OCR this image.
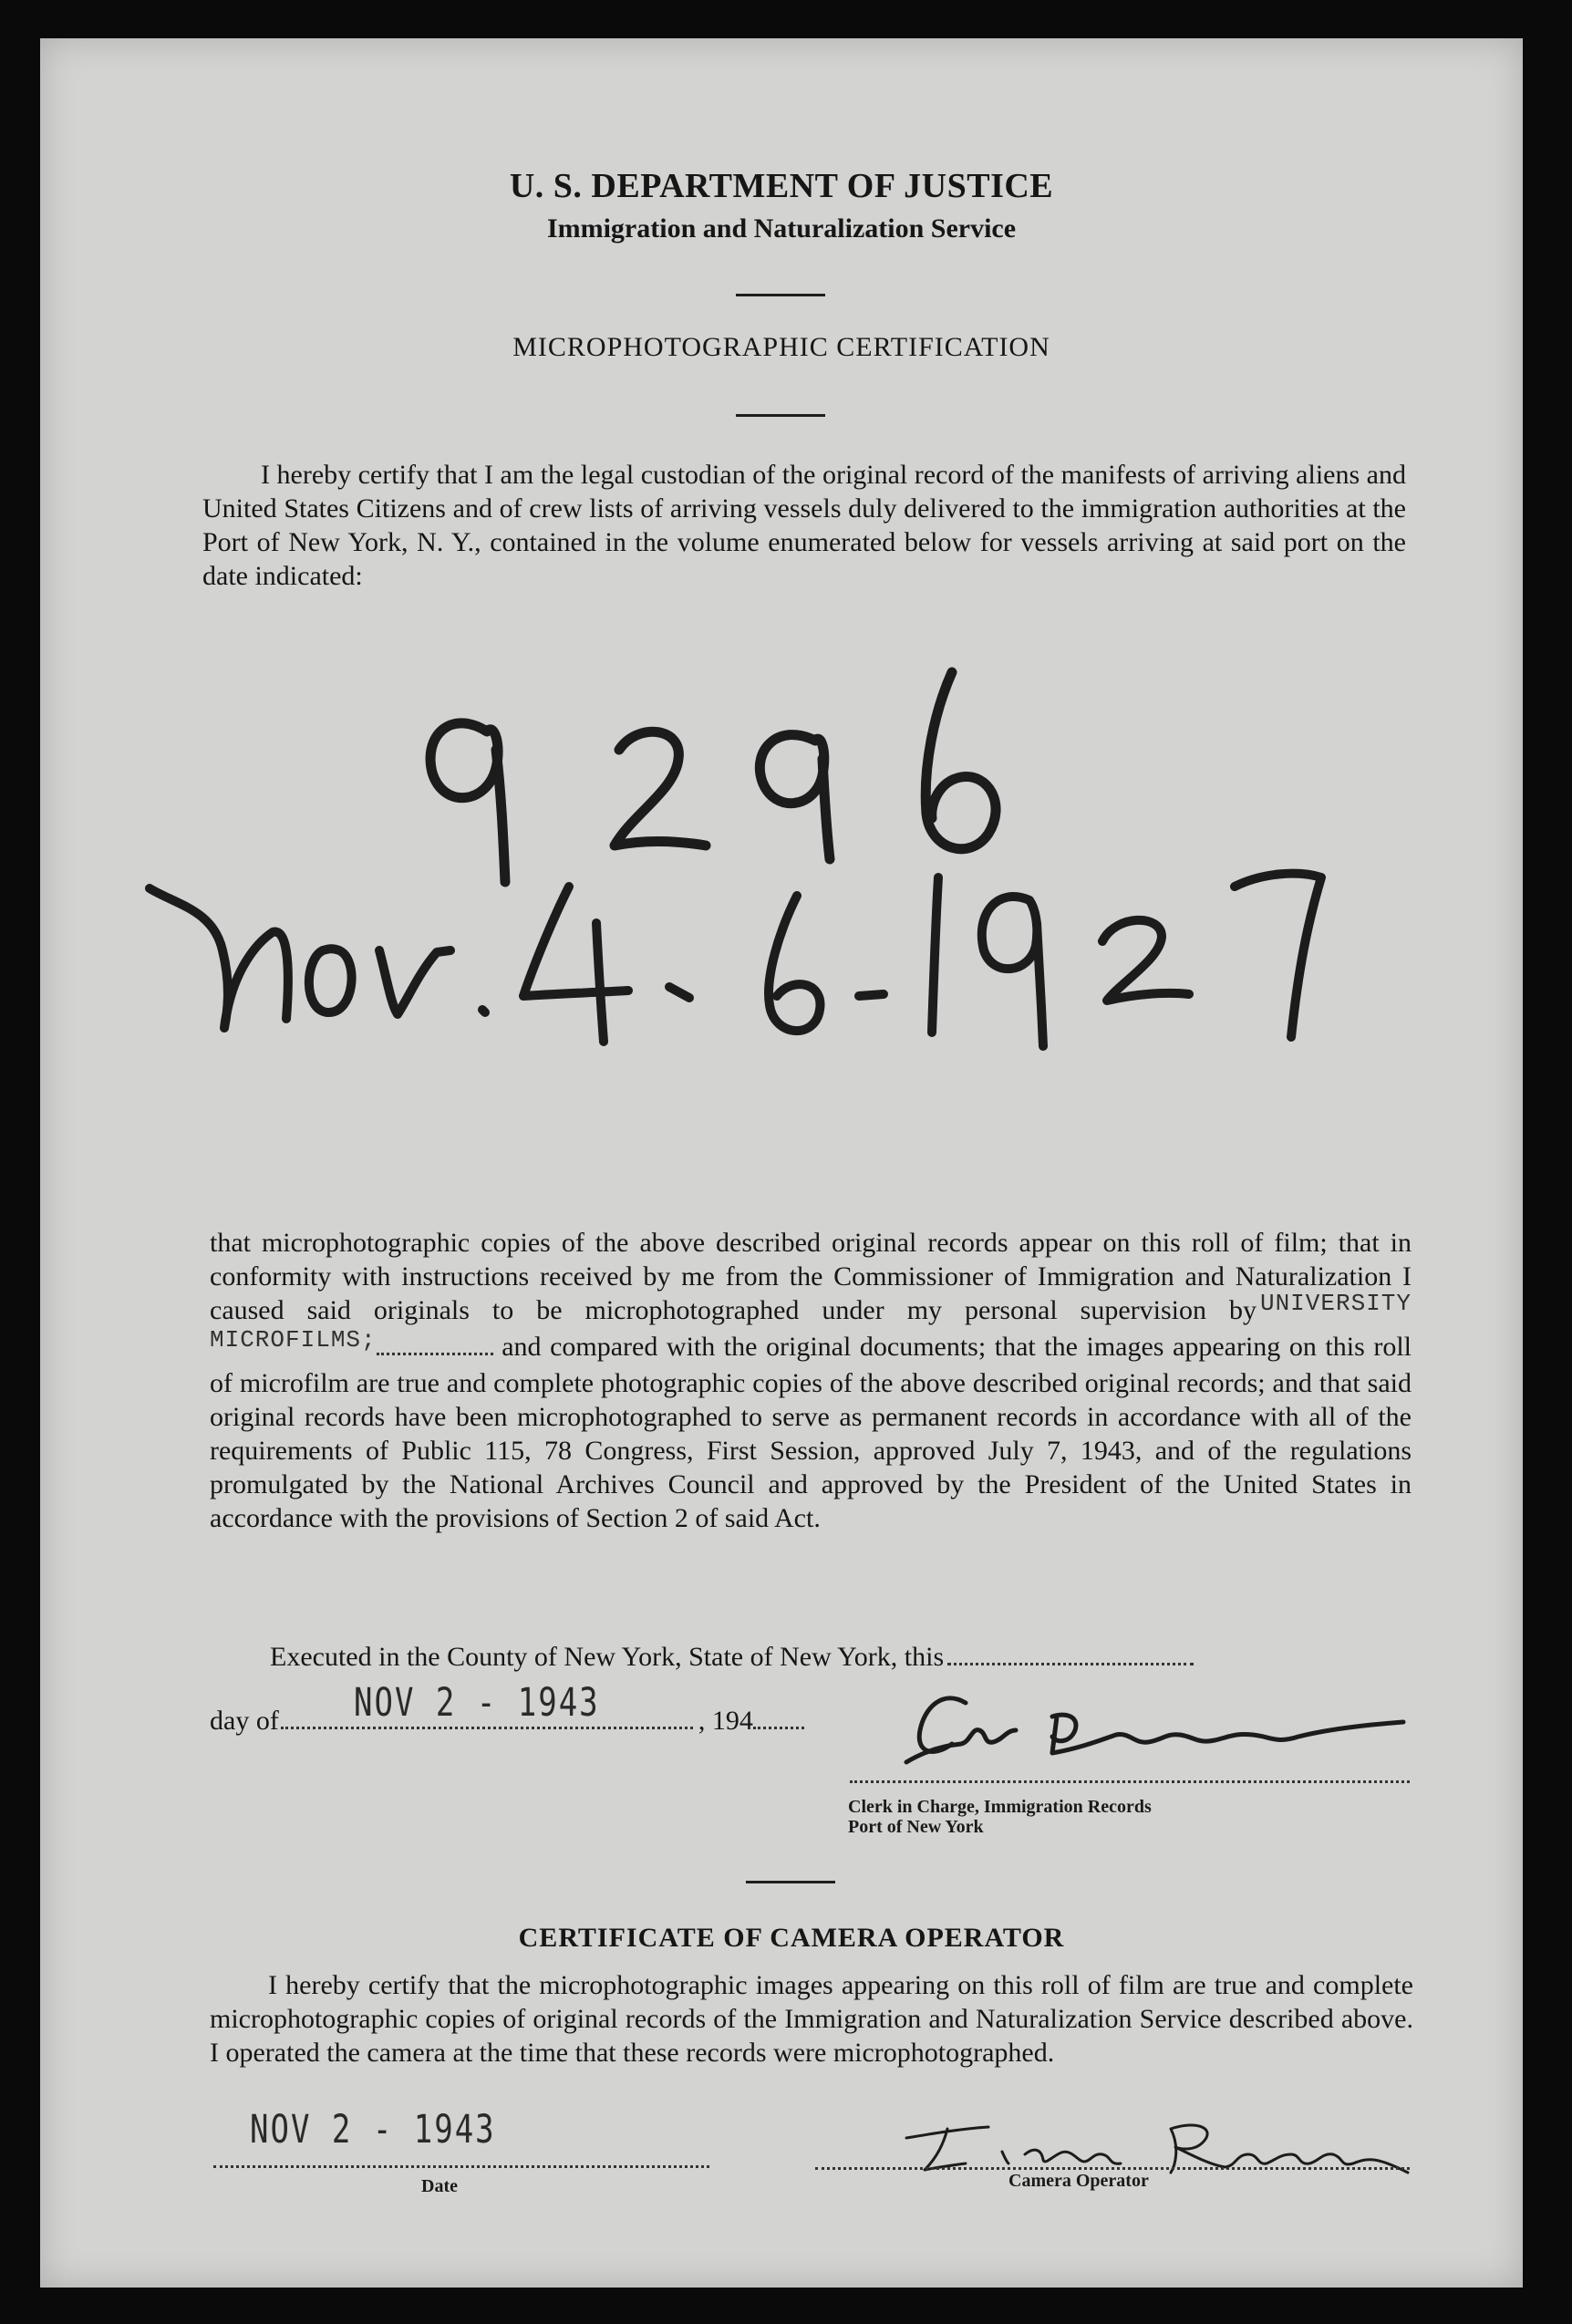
U. S. DEPARTMENT OF JUSTICE
Immigration and Naturalization Service
MICROPHOTOGRAPHIC CERTIFICATION

I hereby certify that I am the legal custodian of the original record of the manifests of arriving aliens and United States Citizens and of crew lists of arriving vessels duly delivered to the immigration authorities at the Port of New York, N. Y., contained in the volume enumerated below for vessels arriving at said port on the date indicated:

that microphotographic copies of the above described original records appear on this roll of film; that in conformity with instructions received by me from the Commissioner of Immigration and Naturalization I caused said originals to be microphotographed under my personal supervision by UNIVERSITY MICROFILMS;	and compared with the original documents; that the images appearing on this roll of microfilm are true and complete photographic copies of the above described original records; and that said original records have been microphotographed to serve as permanent records in accordance with all of the requirements of Public 115, 78 Congress, First Session, approved July 7, 1943, and of the regulations promulgated by the National Archives Council and approved by the President of the United States in accordance with the provisions of Section 2 of said Act.

Executed in the County of New York, State of New York, this
day of	, 194
NOV 2 - 1943
Clerk in Charge, Immigration Records
Port of New York
CERTIFICATE OF CAMERA OPERATOR

I hereby certify that the microphotographic images appearing on this roll of film are true and complete microphotographic copies of original records of the Immigration and Naturalization Service described above. I operated the camera at the time that these records were microphotographed.

NOV 2 - 1943
Date	Camera Operator
